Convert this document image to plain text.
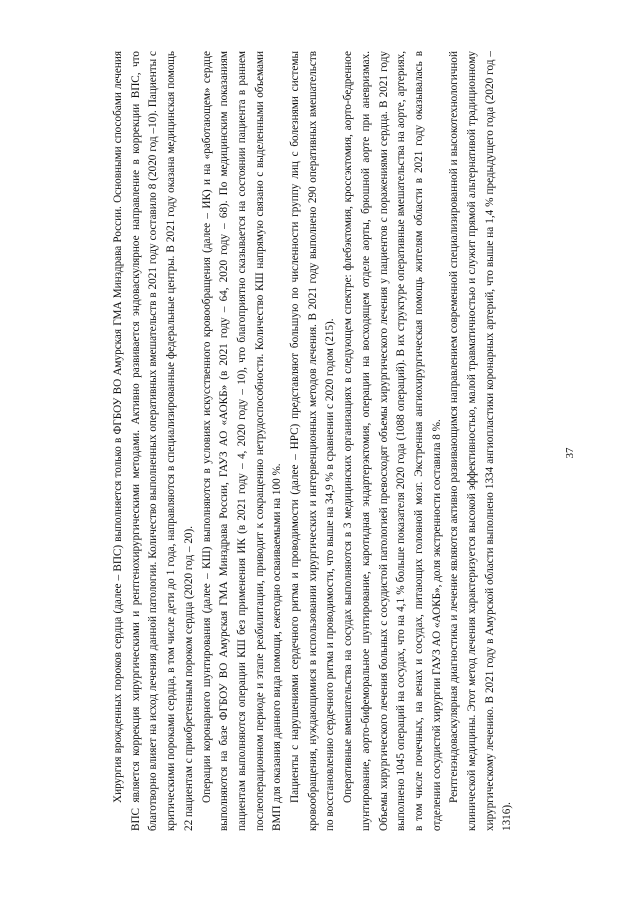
37

Хирургия врожденных пороков сердца (далее – ВПС) выполняется только в ФГБОУ ВО Амурская ГМА Минздрава России. Основными способами лечения ВПС является коррекция хирургическими и рентгенохирургическими методами. Активно развивается эндоваскулярное направление в коррекции ВПС, что благотворно влияет на исход лечения данной патологии. Количество выполненных оперативных вмешательств в 2021 году составило 8 (2020 год –10). Пациенты с критическими пороками сердца, в том числе дети до 1 года, направляются в специализированные федеральные центры. В 2021 году оказана медицинская помощь 22 пациентам с приобретенным пороком сердца (2020 год – 20). Операции коронарного шунтирования (далее – КШ) выполняются в условиях искусственного кровообращения (далее – ИК) и на «работающем» сердце выполняются на базе ФГБОУ ВО Амурская ГМА Минздрава России, ГАУЗ АО «АОКБ» (в 2021 году – 64, 2020 году – 68). По медицинским показаниям пациентам выполняются операции КШ без применения ИК (в 2021 году – 4, 2020 году – 10), что благоприятно сказывается на состоянии пациента в раннем послеоперационном периоде и этапе реабилитации, приводит к сокращению нетрудоспособности. Количество КШ напрямую связано с выделенными объемами ВМП для оказания данного вида помощи, ежегодно осваиваемыми на 100 %. Пациенты с нарушениями сердечного ритма и проводимости (далее – НРС) представляют большую по численности группу лиц с болезнями системы кровообращения, нуждающимися в использовании хирургических и интервенционных методов лечения. В 2021 году выполнено 290 оперативных вмешательств по восстановлению сердечного ритма и проводимости, что выше на 34,9 % в сравнении с 2020 годом (215). Оперативные вмешательства на сосудах выполняются в 3 медицинских организациях в следующем спектре: флебэктомия, кроссэктомия, аорто-бедренное шунтирование, аорто-бифеморальное шунтирование, каротидная эндартерэктомия, операции на восходящем отделе аорты, брюшной аорте при аневризмах. Объемы хирургического лечения больных с сосудистой патологией превосходят объемы хирургического лечения у пациентов с поражениями сердца. В 2021 году выполнено 1045 операций на сосудах, что на 4,1 % больше показателя 2020 года (1088 операций). В их структуре оперативные вмешательства на аорте, артериях, в том числе почечных, на венах и сосудах, питающих головной мозг. Экстренная ангиохирургическая помощь жителям области в 2021 году оказывалась в отделении сосудистой хирургии ГАУЗ АО «АОКБ», доля экстренности составила 8 %. Рентгенэндоваскулярная диагностика и лечение являются активно развивающимся направлением современной специализированной и высокотехнологичной клинической медицины. Этот метод лечения характеризуется высокой эффективностью, малой травматичностью и служит прямой альтернативой традиционному хирургическому лечению. В 2021 году в Амурской области выполнено 1334 ангиопластики коронарных артерий, что выше на 1,4 % предыдущего года (2020 год – 1316).
